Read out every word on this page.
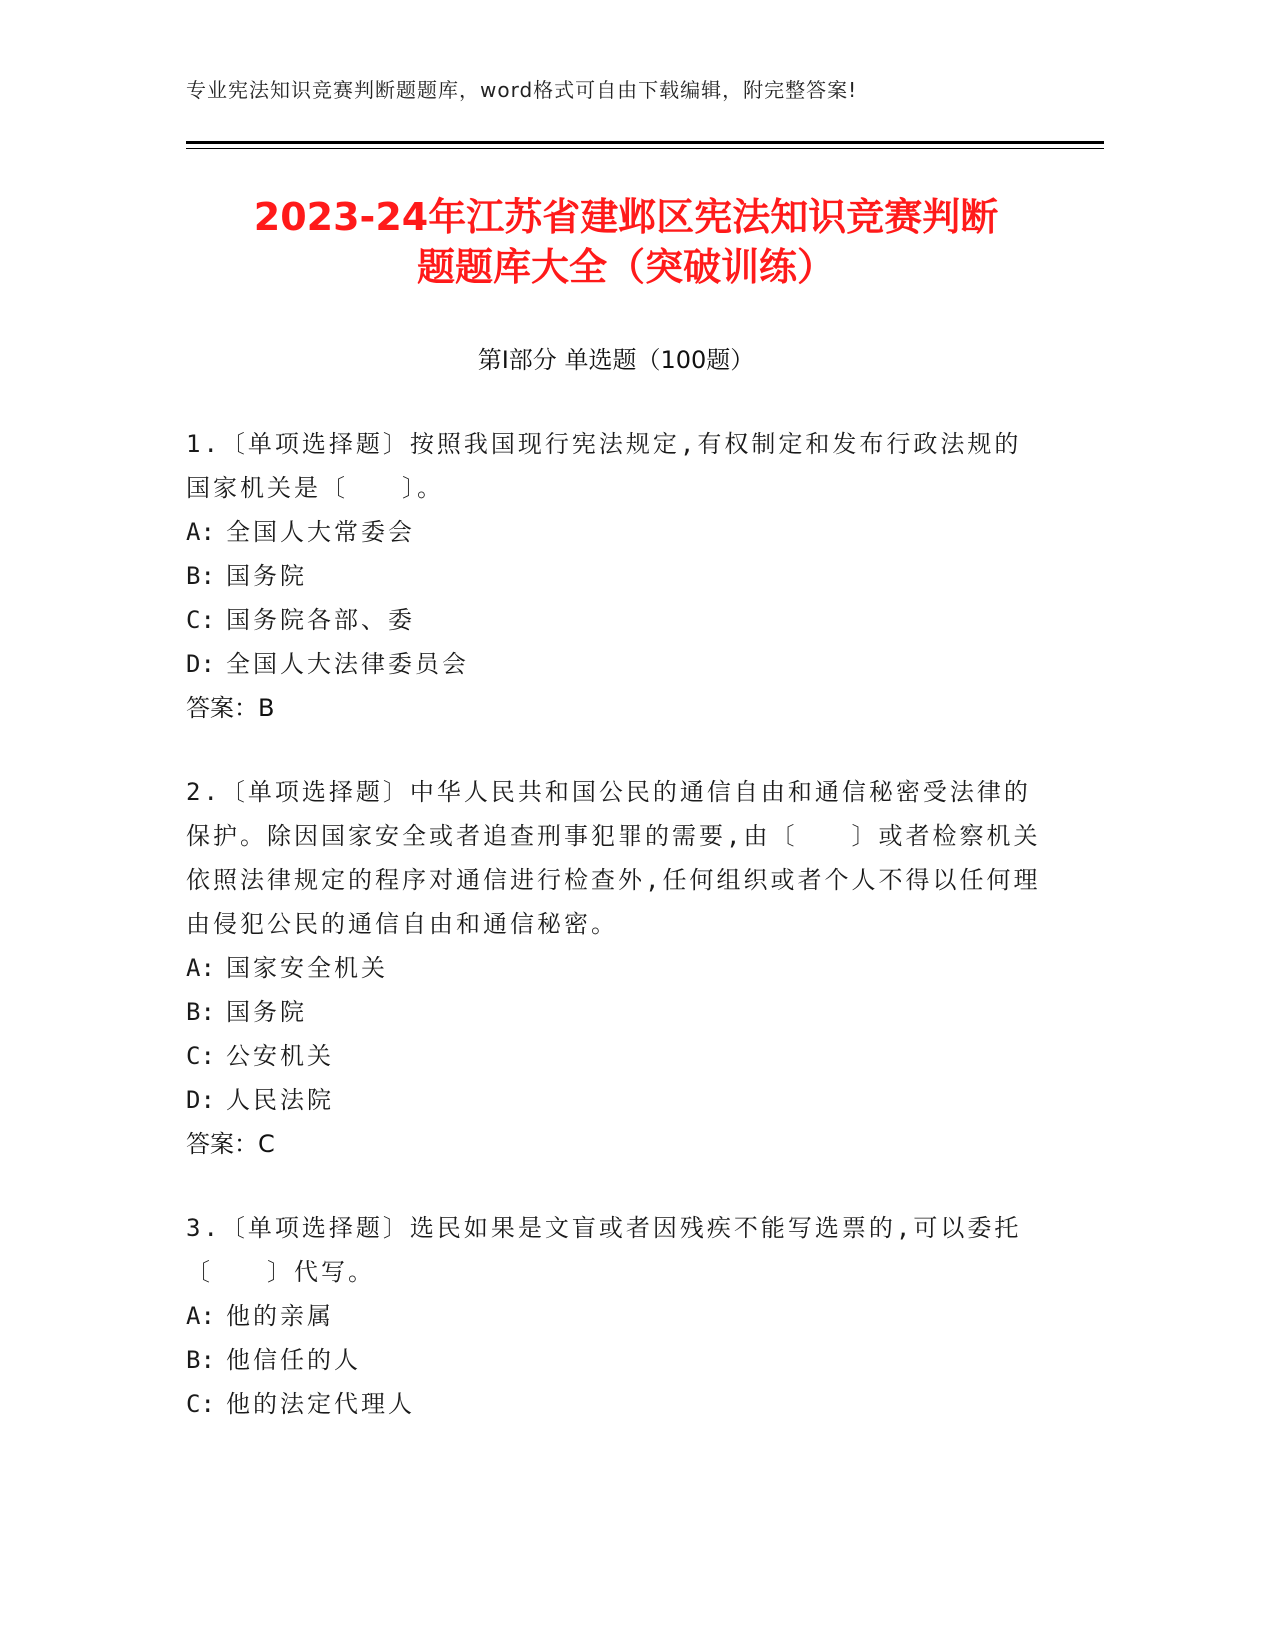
专业宪法知识竞赛判断题题库，word格式可自由下载编辑，附完整答案!
2023-24年江苏省建邺区宪法知识竞赛判断
题题库大全（突破训练）
第Ⅰ部分 单选题（100题）

1.〔单项选择题〕按照我国现行宪法规定,有权制定和发布行政法规的国家机关是〔　　〕。

A: 全国人大常委会
B: 国务院
C: 国务院各部、委
D: 全国人大法律委员会
答案：B

2.〔单项选择题〕中华人民共和国公民的通信自由和通信秘密受法律的保护。除因国家安全或者追查刑事犯罪的需要,由〔　　〕或者检察机关依照法律规定的程序对通信进行检查外,任何组织或者个人不得以任何理由侵犯公民的通信自由和通信秘密。

A: 国家安全机关
B: 国务院
C: 公安机关
D: 人民法院
答案：C

3.〔单项选择题〕选民如果是文盲或者因残疾不能写选票的,可以委托〔　　〕代写。

A: 他的亲属
B: 他信任的人
C: 他的法定代理人
